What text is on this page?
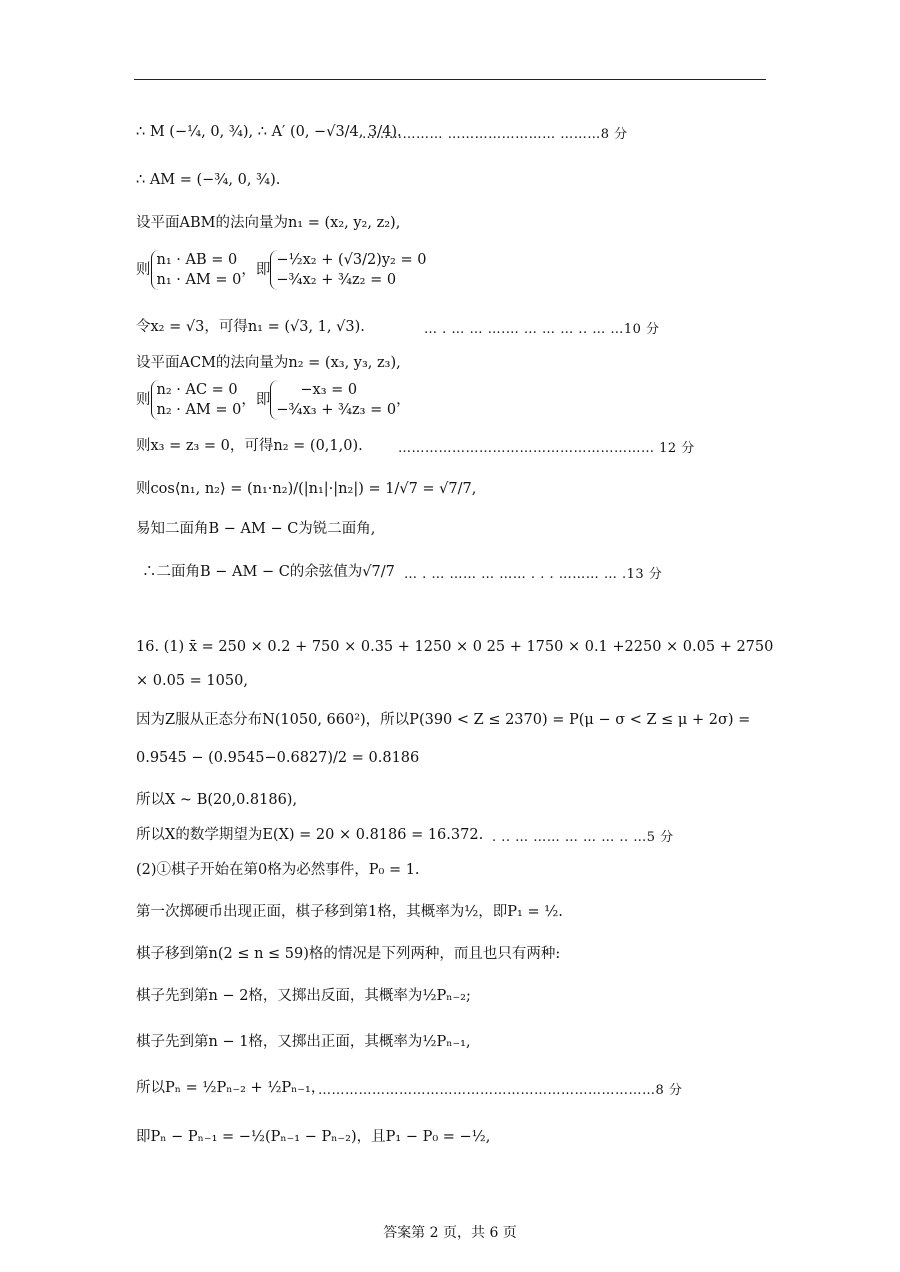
∴ M (−¼, 0, ¾), ∴ A′ (0, −√3/4, 3/4).
……………… …………………… ………8 分
∴ AM = (−¾, 0, ¾).
设平面ABM的法向量为n₁ = (x₂, y₂, z₂),
则
n₁ · AB = 0
n₁ · AM = 0
，即
−½x₂ + (√3/2)y₂ = 0
−¾x₂ + ¾z₂ = 0
令x₂ = √3，可得n₁ = (√3, 1, √3).	… . … … ….… … … … .. … …10 分
设平面ACM的法向量为n₂ = (x₃, y₃, z₃),
则
n₂ · AC = 0
n₂ · AM = 0
，即
−x₃ = 0
−¾x₃ + ¾z₃ = 0
，
则x₃ = z₃ = 0，可得n₂ = (0,1,0).	………………………………………………… 12 分
则cos⟨n₁, n₂⟩ = (n₁·n₂)/(|n₁|·|n₂|) = 1/√7 = √7/7,
易知二面角B − AM − C为锐二面角,
∴二面角B − AM − C的余弦值为√7/7 … . … …… … …… . . . ……… … .13 分
16. (1) x̄ = 250 × 0.2 + 750 × 0.35 + 1250 × 0 25 + 1750 × 0.1 +2250 × 0.05 + 2750
× 0.05 = 1050,
因为Z服从正态分布N(1050, 660²)，所以P(390 < Z ≤ 2370) = P(μ − σ < Z ≤ μ + 2σ) =
0.9545 − (0.9545−0.6827)/2 = 0.8186
所以X ~ B(20,0.8186),
所以X的数学期望为E(X) = 20 × 0.8186 = 16.372. . .. … …… … … … .. …5 分
(2)①棋子开始在第0格为必然事件，P₀ = 1.
第一次掷硬币出现正面，棋子移到第1格，其概率为½，即P₁ = ½.
棋子移到第n(2 ≤ n ≤ 59)格的情况是下列两种，而且也只有两种:
棋子先到第n − 2格，又掷出反面，其概率为½Pₙ₋₂;
棋子先到第n − 1格，又掷出正面，其概率为½Pₙ₋₁,
所以Pₙ = ½Pₙ₋₂ + ½Pₙ₋₁，
…………………………………………………………………8 分
即Pₙ − Pₙ₋₁ = −½(Pₙ₋₁ − Pₙ₋₂)，且P₁ − P₀ = −½,
答案第 2 页，共 6 页
